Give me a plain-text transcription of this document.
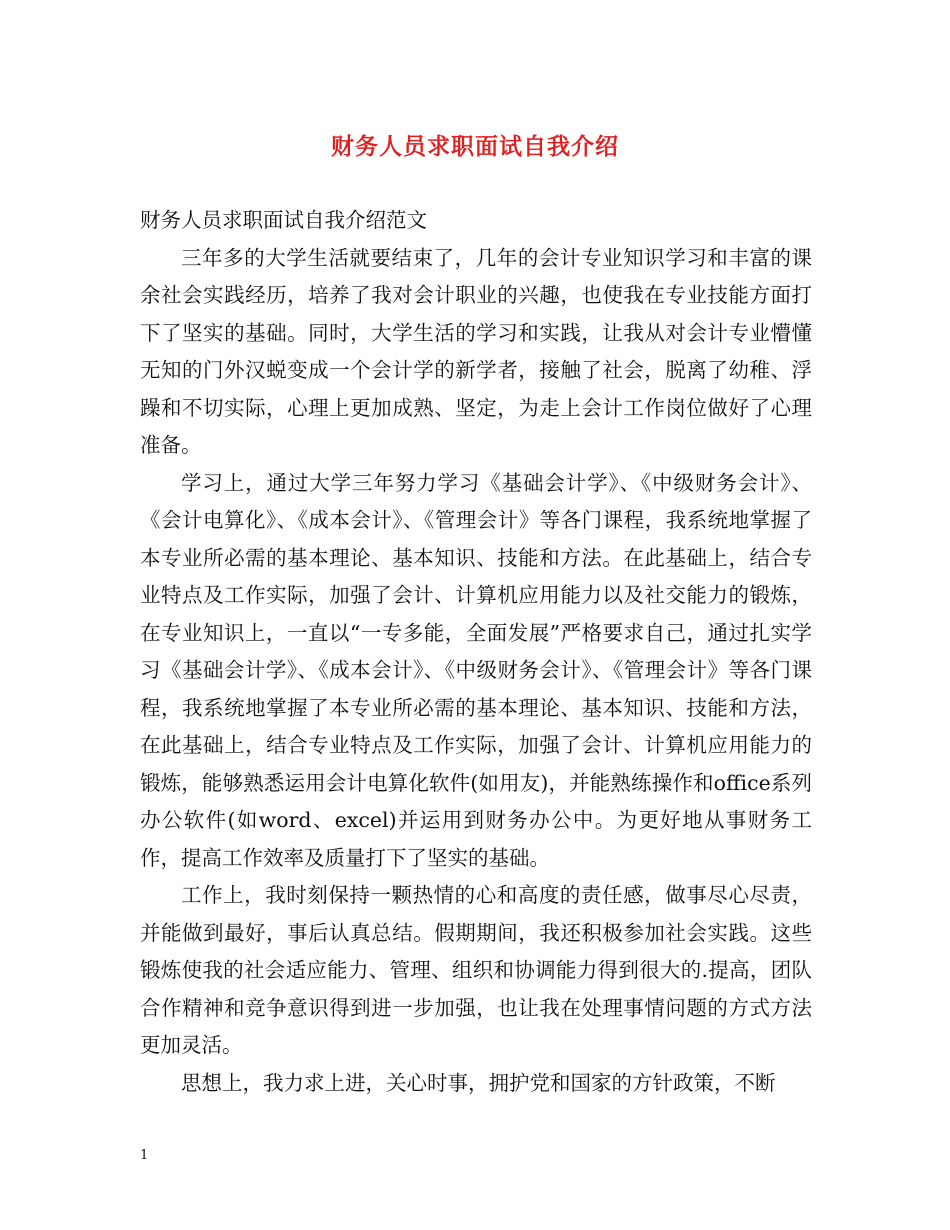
财务人员求职面试自我介绍

财务人员求职面试自我介绍范文

三年多的大学生活就要结束了，几年的会计专业知识学习和丰富的课余社会实践经历，培养了我对会计职业的兴趣，也使我在专业技能方面打下了坚实的基础。同时，大学生活的学习和实践，让我从对会计专业懵懂无知的门外汉蜕变成一个会计学的新学者，接触了社会，脱离了幼稚、浮躁和不切实际，心理上更加成熟、坚定，为走上会计工作岗位做好了心理准备。

学习上，通过大学三年努力学习《基础会计学》、《中级财务会计》、《会计电算化》、《成本会计》、《管理会计》等各门课程，我系统地掌握了本专业所必需的基本理论、基本知识、技能和方法。在此基础上，结合专业特点及工作实际，加强了会计、计算机应用能力以及社交能力的锻炼，在专业知识上，一直以“一专多能，全面发展”严格要求自己，通过扎实学习《基础会计学》、《成本会计》、《中级财务会计》、《管理会计》等各门课程，我系统地掌握了本专业所必需的基本理论、基本知识、技能和方法，在此基础上，结合专业特点及工作实际，加强了会计、计算机应用能力的锻炼，能够熟悉运用会计电算化软件(如用友)，并能熟练操作和office系列办公软件(如word、excel)并运用到财务办公中。为更好地从事财务工作，提高工作效率及质量打下了坚实的基础。

工作上，我时刻保持一颗热情的心和高度的责任感，做事尽心尽责，并能做到最好，事后认真总结。假期期间，我还积极参加社会实践。这些锻炼使我的社会适应能力、管理、组织和协调能力得到很大的.提高，团队合作精神和竞争意识得到进一步加强，也让我在处理事情问题的方式方法更加灵活。

思想上，我力求上进，关心时事，拥护党和国家的方针政策，不断

1
